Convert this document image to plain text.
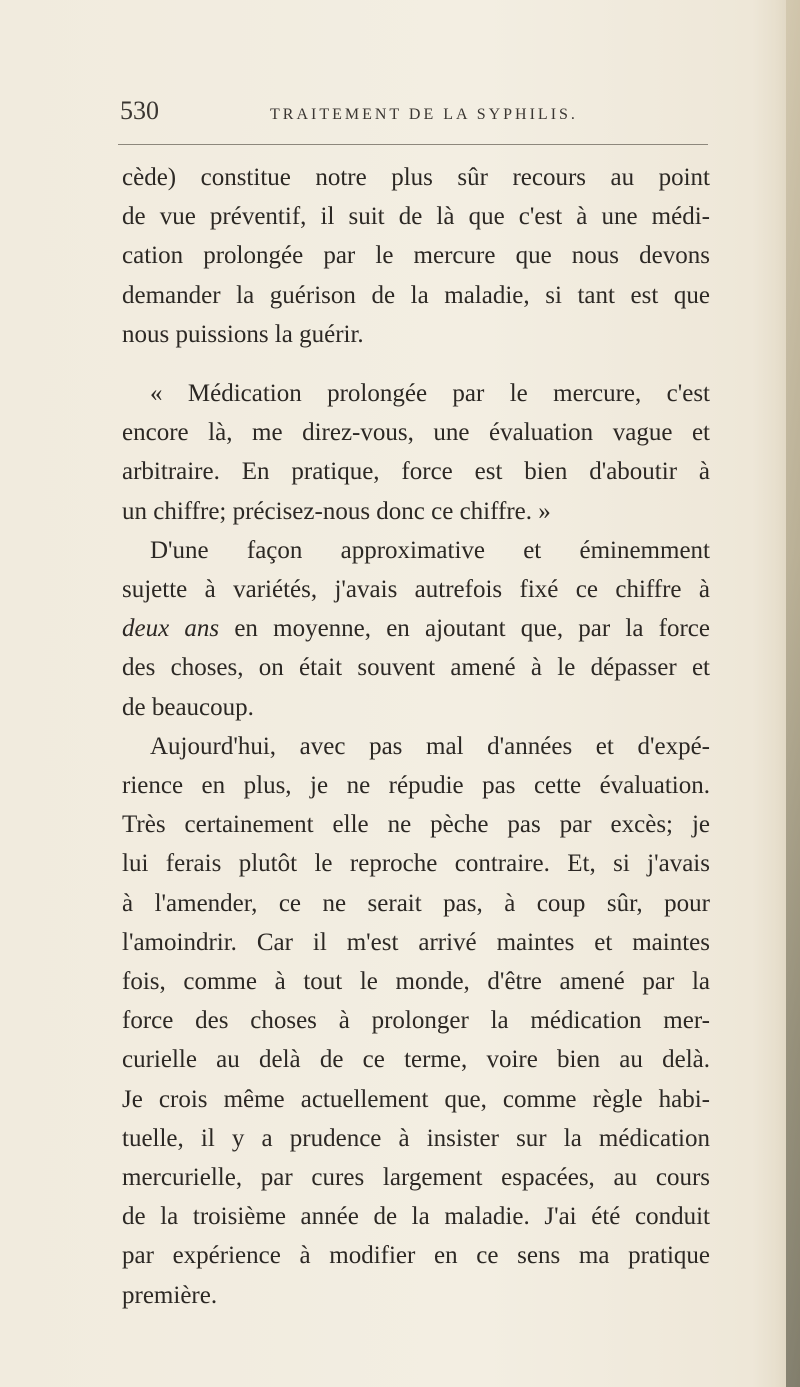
530	TRAITEMENT DE LA SYPHILIS.

cède) constitue notre plus sûr recours au point
de vue préventif, il suit de là que c'est à une médi-
cation prolongée par le mercure que nous devons
demander la guérison de la maladie, si tant est que
nous puissions la guérir.

« Médication prolongée par le mercure, c'est
encore là, me direz-vous, une évaluation vague et
arbitraire. En pratique, force est bien d'aboutir à
un chiffre; précisez-nous donc ce chiffre. »

D'une façon approximative et éminemment
sujette à variétés, j'avais autrefois fixé ce chiffre à
deux ans en moyenne, en ajoutant que, par la force
des choses, on était souvent amené à le dépasser et
de beaucoup.

Aujourd'hui, avec pas mal d'années et d'expé-
rience en plus, je ne répudie pas cette évaluation.
Très certainement elle ne pèche pas par excès; je
lui ferais plutôt le reproche contraire. Et, si j'avais
à l'amender, ce ne serait pas, à coup sûr, pour
l'amoindrir. Car il m'est arrivé maintes et maintes
fois, comme à tout le monde, d'être amené par la
force des choses à prolonger la médication mer-
curielle au delà de ce terme, voire bien au delà.
Je crois même actuellement que, comme règle habi-
tuelle, il y a prudence à insister sur la médication
mercurielle, par cures largement espacées, au cours
de la troisième année de la maladie. J'ai été conduit
par expérience à modifier en ce sens ma pratique
première.
